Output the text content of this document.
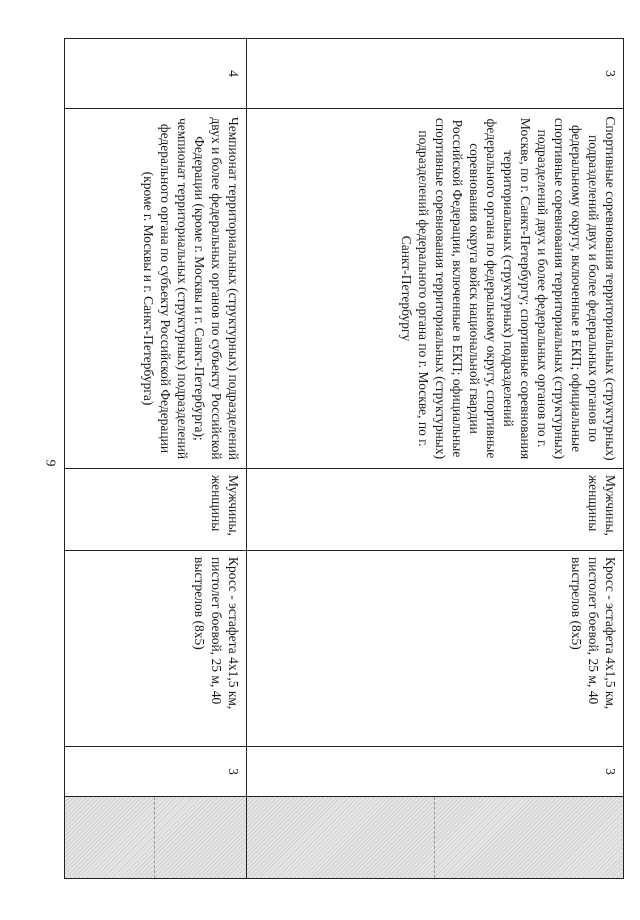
9
3	Спортивные соревнования территориальных (структурных) подразделений двух и более федеральных органов по федеральному округу, включенные в ЕКП; официальные спортивные соревнования территориальных (структурных) подразделений двух и более федеральных органов по г. Москве, по г. Санкт-Петербургу; спортивные соревнования территориальных (структурных) подразделений федерального органа по федеральному округу, спортивные соревнования округа войск национальной гвардии Российской Федерации, включенные в ЕКП; официальные спортивные соревнования территориальных (структурных) подразделений федерального органа по г. Москве, по г. Санкт-Петербургу	Мужчины, женщины	Кросс - эстафета 4x1,5 км, пистолет боевой, 25 м, 40 выстрелов (8x5)	3	

4	Чемпионат территориальных (структурных) подразделений двух и более федеральных органов по субъекту Российской Федерации (кроме г. Москвы и г. Санкт-Петербурга); чемпионат территориальных (структурных) подразделений федерального органа по субъекту Российской Федерации (кроме г. Москвы и г. Санкт-Петербурга)	Мужчины, женщины	Кросс - эстафета 4x1,5 км, пистолет боевой, 25 м, 40 выстрелов (8x5)	3	
